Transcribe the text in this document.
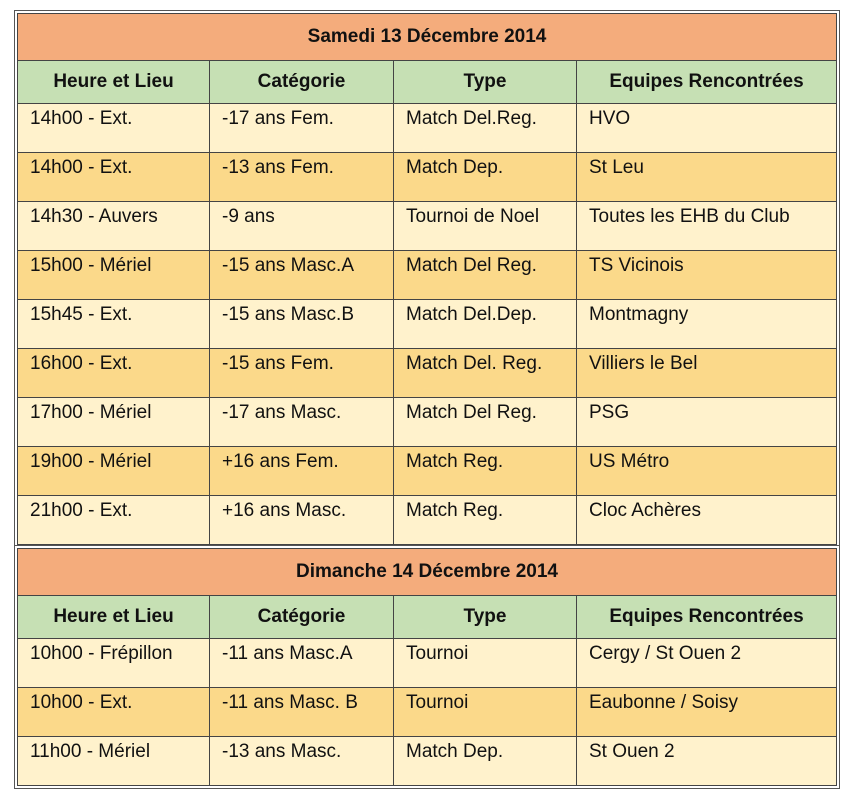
Samedi 13 Décembre 2014			
Heure et Lieu	Catégorie	Type	Equipes Rencontrées
14h00 - Ext.	-17 ans Fem.	Match Del.Reg.	HVO
14h00 - Ext.	-13 ans Fem.	Match Dep.	St Leu
14h30 - Auvers	-9 ans	Tournoi de Noel	Toutes les EHB du Club
15h00 - Mériel	-15 ans Masc.A	Match Del Reg.	TS Vicinois
15h45 - Ext.	-15 ans Masc.B	Match Del.Dep.	Montmagny
16h00 - Ext.	-15 ans Fem.	Match Del. Reg.	Villiers le Bel
17h00 - Mériel	-17 ans Masc.	Match Del Reg.	PSG
19h00 - Mériel	+16 ans Fem.	Match Reg.	US Métro
21h00 - Ext.	+16 ans Masc.	Match Reg.	Cloc Achères
Dimanche 14 Décembre 2014			
Heure et Lieu	Catégorie	Type	Equipes Rencontrées
10h00 - Frépillon	-11 ans Masc.A	Tournoi	Cergy / St Ouen 2
10h00 - Ext.	-11 ans Masc. B	Tournoi	Eaubonne / Soisy
11h00 - Mériel	-13 ans Masc.	Match Dep.	St Ouen 2
